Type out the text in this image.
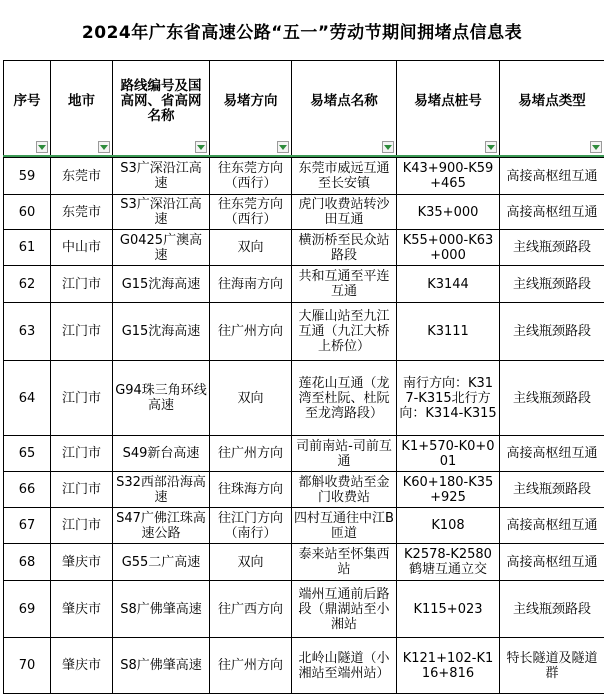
2024年广东省高速公路“五一”劳动节期间拥堵点信息表
序号	地市	路线编号及国高网、省高网名称	易堵方向	易堵点名称	易堵点桩号	易堵点类型

59	东莞市	S3广深沿江高速	往东莞方向（西行）	东莞市威远互通至长安镇	K43+900-K59+465	高接高枢纽互通
60	东莞市	S3广深沿江高速	往东莞方向（西行）	虎门收费站转沙田互通	K35+000	高接高枢纽互通
61	中山市	G0425广澳高速	双向	横沥桥至民众站路段	K55+000-K63+000	主线瓶颈路段
62	江门市	G15沈海高速	往海南方向	共和互通至平连互通	K3144	主线瓶颈路段
63	江门市	G15沈海高速	往广州方向	大雁山站至九江互通（九江大桥上桥位）	K3111	主线瓶颈路段
64	江门市	G94珠三角环线高速	双向	莲花山互通（龙湾至杜阮、杜阮至龙湾路段）	南行方向：K317-K315北行方向：K314-K315	主线瓶颈路段
65	江门市	S49新台高速	往广州方向	司前南站-司前互通	K1+570-K0+001	高接高枢纽互通
66	江门市	S32西部沿海高速	往珠海方向	都斛收费站至金门收费站	K60+180-K35+925	主线瓶颈路段
67	江门市	S47广佛江珠高速公路	往江门方向（南行）	四村互通往中江B匝道	K108	高接高枢纽互通
68	肇庆市	G55二广高速	双向	泰来站至怀集西站	K2578-K2580鹤塘互通立交	高接高枢纽互通
69	肇庆市	S8广佛肇高速	往广西方向	端州互通前后路段（鼎湖站至小湘站	K115+023	主线瓶颈路段
70	肇庆市	S8广佛肇高速	往广州方向	北岭山隧道（小湘站至端州站）	K121+102-K116+816	特长隧道及隧道群
